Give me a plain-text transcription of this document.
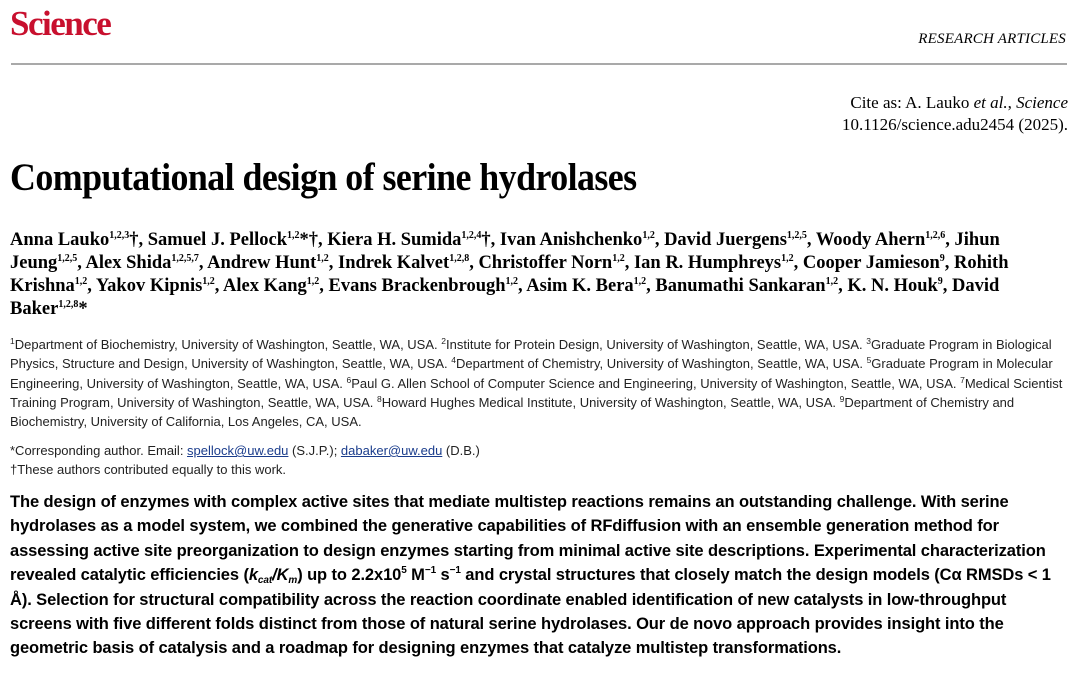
Science	RESEARCH ARTICLES
Cite as: A. Lauko et al., Science
10.1126/science.adu2454 (2025).
Computational design of serine hydrolases
Anna Lauko$^{1,2,3}$†, Samuel J. Pellock$^{1,2}$*†, Kiera H. Sumida$^{1,2,4}$†, Ivan Anishchenko$^{1,2}$, David Juergens$^{1,2,5}$, Woody Ahern$^{1,2,6}$, Jihun Jeung$^{1,2,5}$, Alex Shida$^{1,2,5,7}$, Andrew Hunt$^{1,2}$, Indrek Kalvet$^{1,2,8}$, Christoffer Norn$^{1,2}$, Ian R. Humphreys$^{1,2}$, Cooper Jamieson$^9$, Rohith Krishna$^{1,2}$, Yakov Kipnis$^{1,2}$, Alex Kang$^{1,2}$, Evans Brackenbrough$^{1,2}$, Asim K. Bera$^{1,2}$, Banumathi Sankaran$^{1,2}$, K. N. Houk$^9$, David Baker$^{1,2,8}$*
$^1$Department of Biochemistry, University of Washington, Seattle, WA, USA. $^2$Institute for Protein Design, University of Washington, Seattle, WA, USA. $^3$Graduate Program in Biological Physics, Structure and Design, University of Washington, Seattle, WA, USA. $^4$Department of Chemistry, University of Washington, Seattle, WA, USA. $^5$Graduate Program in Molecular Engineering, University of Washington, Seattle, WA, USA. $^6$Paul G. Allen School of Computer Science and Engineering, University of Washington, Seattle, WA, USA. $^7$Medical Scientist Training Program, University of Washington, Seattle, WA, USA. $^8$Howard Hughes Medical Institute, University of Washington, Seattle, WA, USA. $^9$Department of Chemistry and Biochemistry, University of California, Los Angeles, CA, USA.
*Corresponding author. Email: spellock@uw.edu (S.J.P.); dabaker@uw.edu (D.B.)
†These authors contributed equally to this work.
The design of enzymes with complex active sites that mediate multistep reactions remains an outstanding challenge. With serine hydrolases as a model system, we combined the generative capabilities of RFdiffusion with an ensemble generation method for assessing active site preorganization to design enzymes starting from minimal active site descriptions. Experimental characterization revealed catalytic efficiencies $(k_{cat}/K_m)$ up to $2.2x10^5$ $M^{-1}$ $s^{-1}$ and crystal structures that closely match the design models (Cα RMSDs < 1 Å). Selection for structural compatibility across the reaction coordinate enabled identification of new catalysts in low-throughput screens with five different folds distinct from those of natural serine hydrolases. Our de novo approach provides insight into the geometric basis of catalysis and a roadmap for designing enzymes that catalyze multistep transformations.
